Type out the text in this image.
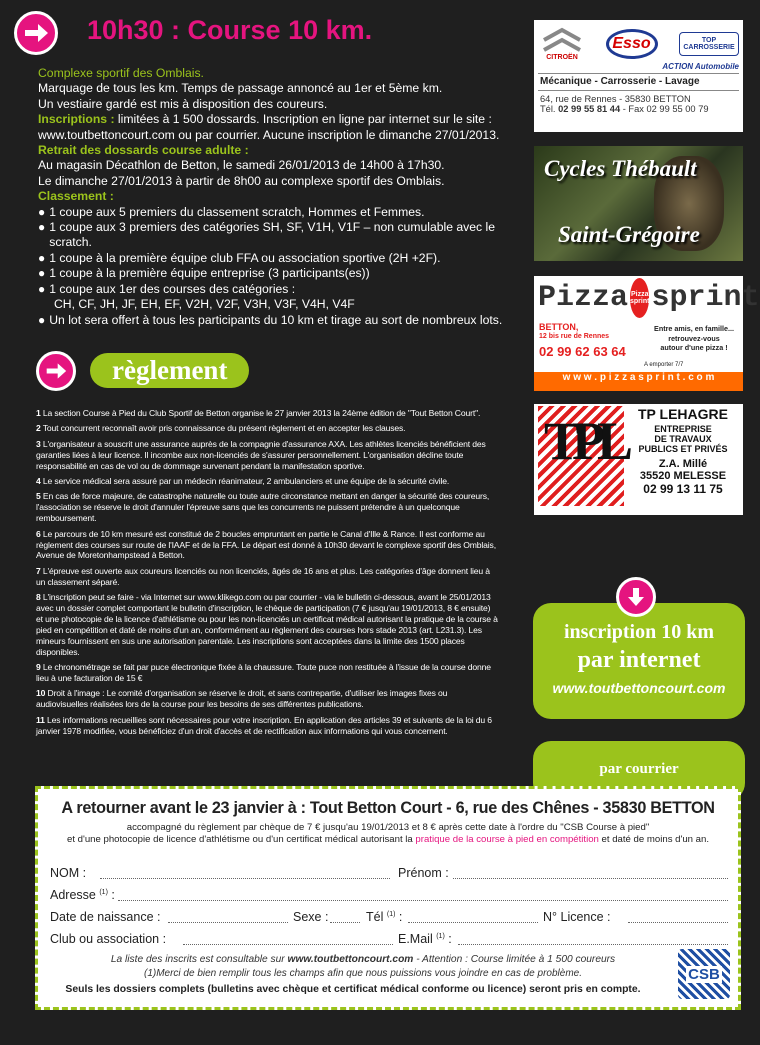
10h30 : Course 10 km.
Complexe sportif des Omblais.
Marquage de tous les km. Temps de passage annoncé au 1er et 5ème km.
Un vestiaire gardé est mis à disposition des coureurs.
Inscriptions : limitées à 1 500 dossards. Inscription en ligne par internet sur le site :
www.toutbettoncourt.com ou par courrier. Aucune inscription le dimanche 27/01/2013.
Retrait des dossards course adulte :
Au magasin Décathlon de Betton, le samedi 26/01/2013 de 14h00 à 17h30.
Le dimanche 27/01/2013 à partir de 8h00 au complexe sportif des Omblais.
Classement :
● 1 coupe aux 5 premiers du classement scratch, Hommes et Femmes.
● 1 coupe aux 3 premiers des catégories SH, SF, V1H, V1F – non cumulable avec le scratch.
● 1 coupe à la première équipe club FFA ou association sportive (2H +2F).
● 1 coupe à la première équipe entreprise (3 participants(es))
● 1 coupe aux 1er des courses des catégories :
CH, CF, JH, JF, EH, EF, V2H, V2F, V3H, V3F, V4H, V4F
● Un lot sera offert à tous les participants du 10 km et tirage au sort de nombreux lots.
règlement

1 La section Course à Pied du Club Sportif de Betton organise le 27 janvier 2013 la 24ème édition de "Tout Betton Court".

2 Tout concurrent reconnaît avoir pris connaissance du présent règlement et en accepter les clauses.

3 L'organisateur a souscrit une assurance auprès de la compagnie d'assurance AXA. Les athlètes licenciés bénéficient des garanties liées à leur licence. Il incombe aux non-licenciés de s'assurer personnellement. L'organisation décline toute responsabilité en cas de vol ou de dommage survenant pendant la manifestation sportive.

4 Le service médical sera assuré par un médecin réanimateur, 2 ambulanciers et une équipe de la sécurité civile.

5 En cas de force majeure, de catastrophe naturelle ou toute autre circonstance mettant en danger la sécurité des coureurs, l'association se réserve le droit d'annuler l'épreuve sans que les concurrents ne puissent prétendre à un quelconque remboursement.

6 Le parcours de 10 km mesuré est constitué de 2 boucles empruntant en partie le Canal d'Ille & Rance. Il est conforme au règlement des courses sur route de l'IAAF et de la FFA. Le départ est donné à 10h30 devant le complexe sportif des Omblais, Avenue de Moretonhampstead à Betton.

7 L'épreuve est ouverte aux coureurs licenciés ou non licenciés, âgés de 16 ans et plus. Les catégories d'âge donnent lieu à un classement séparé.

8 L'inscription peut se faire - via Internet sur www.klikego.com ou par courrier - via le bulletin ci-dessous, avant le 25/01/2013 avec un dossier complet comportant le bulletin d'inscription, le chèque de participation (7 € jusqu'au 19/01/2013, 8 € ensuite) et une photocopie de la licence d'athlétisme ou pour les non-licenciés un certificat médical autorisant la pratique de la course à pied en compétition et daté de moins d'un an, conformément au règlement des courses hors stade 2013 (art. L231.3). Les mineurs fournissent en sus une autorisation parentale. Les inscriptions sont acceptées dans la limite des 1500 places disponibles.

9 Le chronométrage se fait par puce électronique fixée à la chaussure. Toute puce non restituée à l'issue de la course donne lieu à une facturation de 15 €

10 Droit à l'image : Le comité d'organisation se réserve le droit, et sans contrepartie, d'utiliser les images fixes ou audiovisuelles réalisées lors de la course pour les besoins de ses différentes publications.

11 Les informations recueillies sont nécessaires pour votre inscription. En application des articles 39 et suivants de la loi du 6 janvier 1978 modifiée, vous bénéficiez d'un droit d'accès et de rectification aux informations qui vous concernent.

CITROËN
Esso	TOP CARROSSERIE
ACTION Automobile
Mécanique - Carrosserie - Lavage
64, rue de Rennes - 35830 BETTON
Tél. 02 99 55 81 44 - Fax 02 99 55 00 79
Cycles Thébault
Saint-Grégoire
Pizza Pizza sprint sprint
BETTON,
12 bis rue de Rennes
02 99 62 63 64
Entre amis, en famille...
retrouvez-vous
autour d'une pizza !
A emporter 7/7
w w w . p i z z a s p r i n t . c o m
TPL TP LEHAGRE
ENTREPRISE
DE TRAVAUX
PUBLICS ET PRIVÉS
Z.A. Millé
35520 MELESSE
02 99 13 11 75
inscription 10 km
par internet
www.toutbettoncourt.com
par courrier
A retourner avant le 23 janvier à : Tout Betton Court - 6, rue des Chênes - 35830 BETTON
accompagné du règlement par chèque de 7 € jusqu'au 19/01/2013 et 8 € après cette date à l'ordre du "CSB Course à pied"
et d'une photocopie de licence d'athlétisme ou d'un certificat médical autorisant la pratique de la course à pied en compétition et daté de moins d'un an.
NOM :	Prénom :
Adresse $^{(1)}$ :
Date de naissance :	Sexe :	Tél $^{(1)}$ :	N° Licence :
Club ou association :	E.Mail $^{(1)}$ :
La liste des inscrits est consultable sur www.toutbettoncourt.com - Attention : Course limitée à 1 500 coureurs
(1)Merci de bien remplir tous les champs afin que nous puissions vous joindre en cas de problème.
Seuls les dossiers complets (bulletins avec chèque et certificat médical conforme ou licence) seront pris en compte.
CSB
